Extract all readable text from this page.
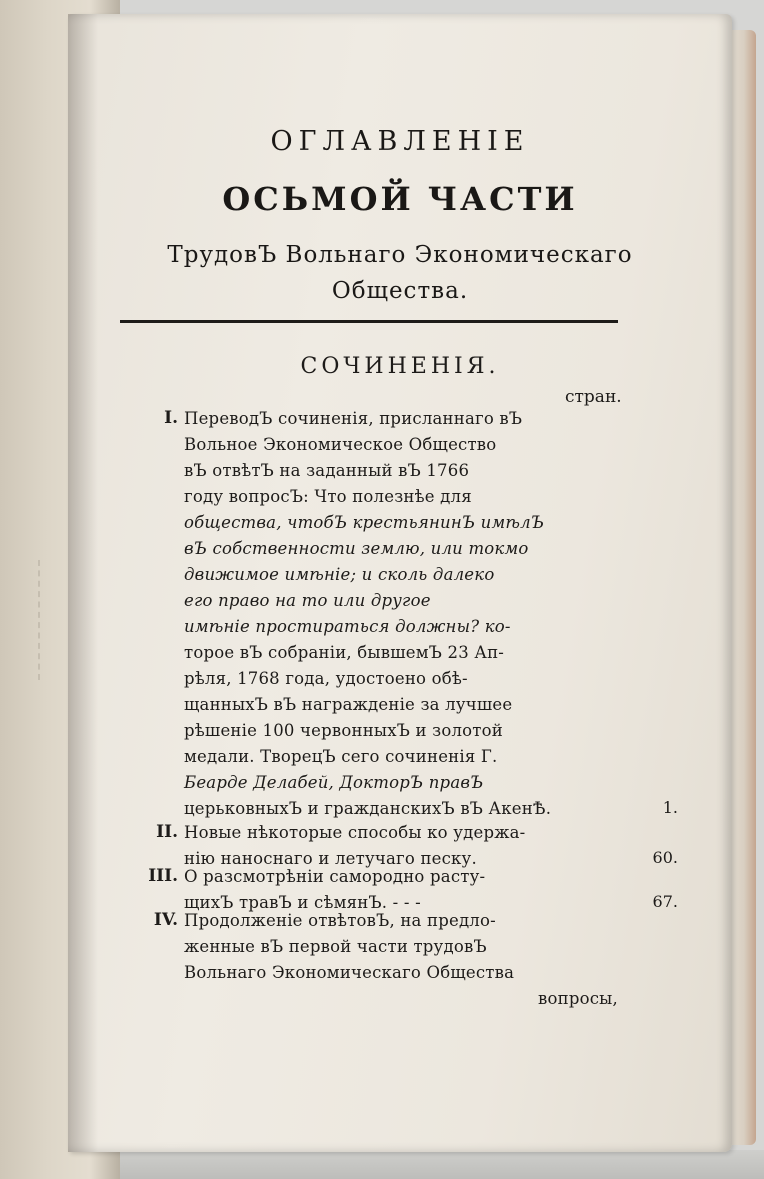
ОГЛАВЛЕНІЕ
ОСЬМОЙ ЧАСТИ
ТрудовЪ Вольнаго Экономическаго
Общества.
СОЧИНЕНІЯ.
стран.
I. ПереводЪ сочиненія, присланнаго вЪ
Вольное Экономическое Общество
вЪ отвѣтЪ на заданный вЪ 1766
году вопросЪ: Что полезнѣе для
общества, чтобЪ крестьянинЪ имѣлЪ
вЪ собственности землю, или токмо
движимое имѣніе; и сколь далеко
его право на то или другое
имѣніе простираться должны? ко-
торое вЪ собраніи, бывшемЪ 23 Ап-
рѣля, 1768 года, удостоено обѣ-
щанныхЪ вЪ награжденіе за лучшее
рѣшеніе 100 червонныхЪ и золотой
медали. ТворецЪ сего сочиненія Г.
Беарде Делабей, ДокторЪ правЪ
церьковныхЪ и гражданскихЪ вЪ АкенѢ.	1.
II. Новые нѣкоторые способы ко удержа-
нію наноснаго и летучаго песку.	60.
III. О разсмотрѣніи самородно расту-
щихЪ травЪ и сѣмянЪ. - - -	67.
IV. Продолженіе отвѣтовЪ, на предло-
женные вЪ первой части трудовЪ
Вольнаго Экономическаго Общества
вопросы,
